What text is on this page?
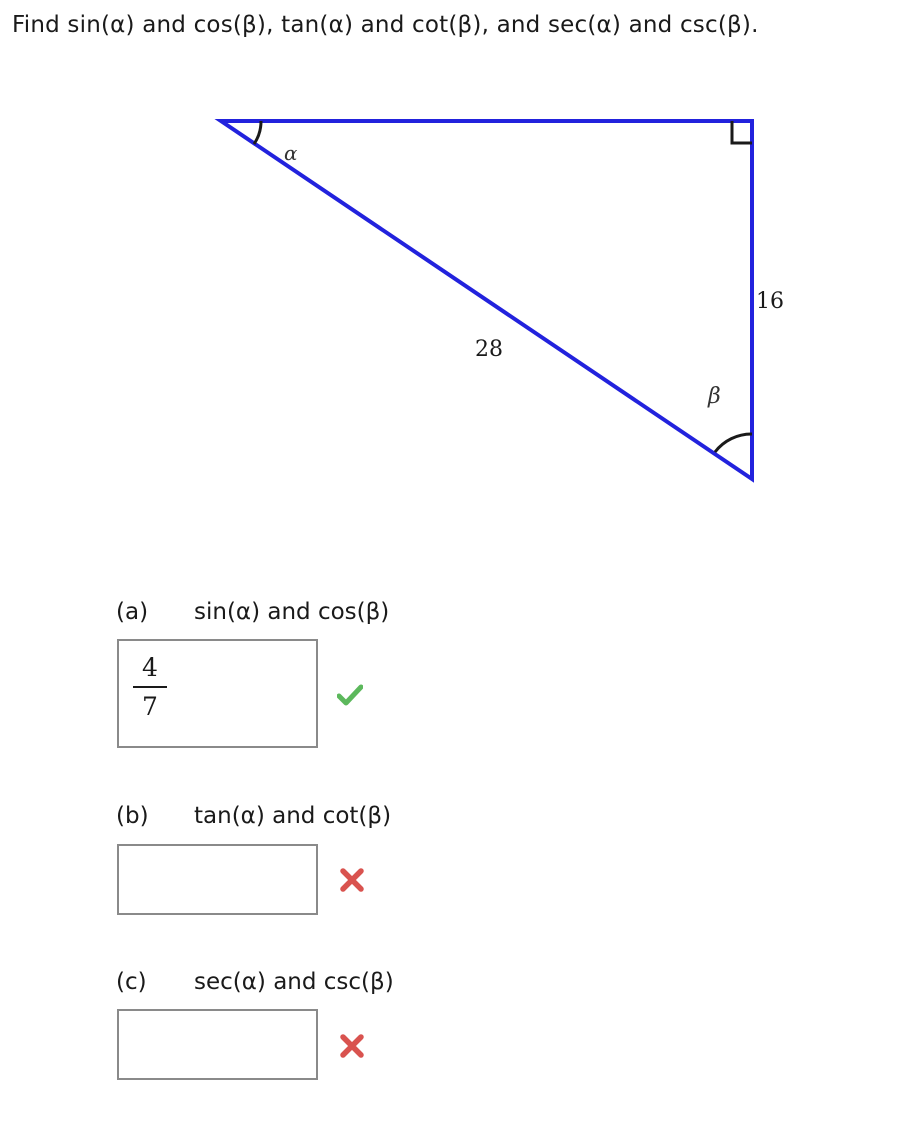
Find sin(α) and cos(β), tan(α) and cot(β), and sec(α) and csc(β).
α
β
28
16
(a) sin(α) and cos(β)
4
7
(b) tan(α) and cot(β)
(c) sec(α) and csc(β)
